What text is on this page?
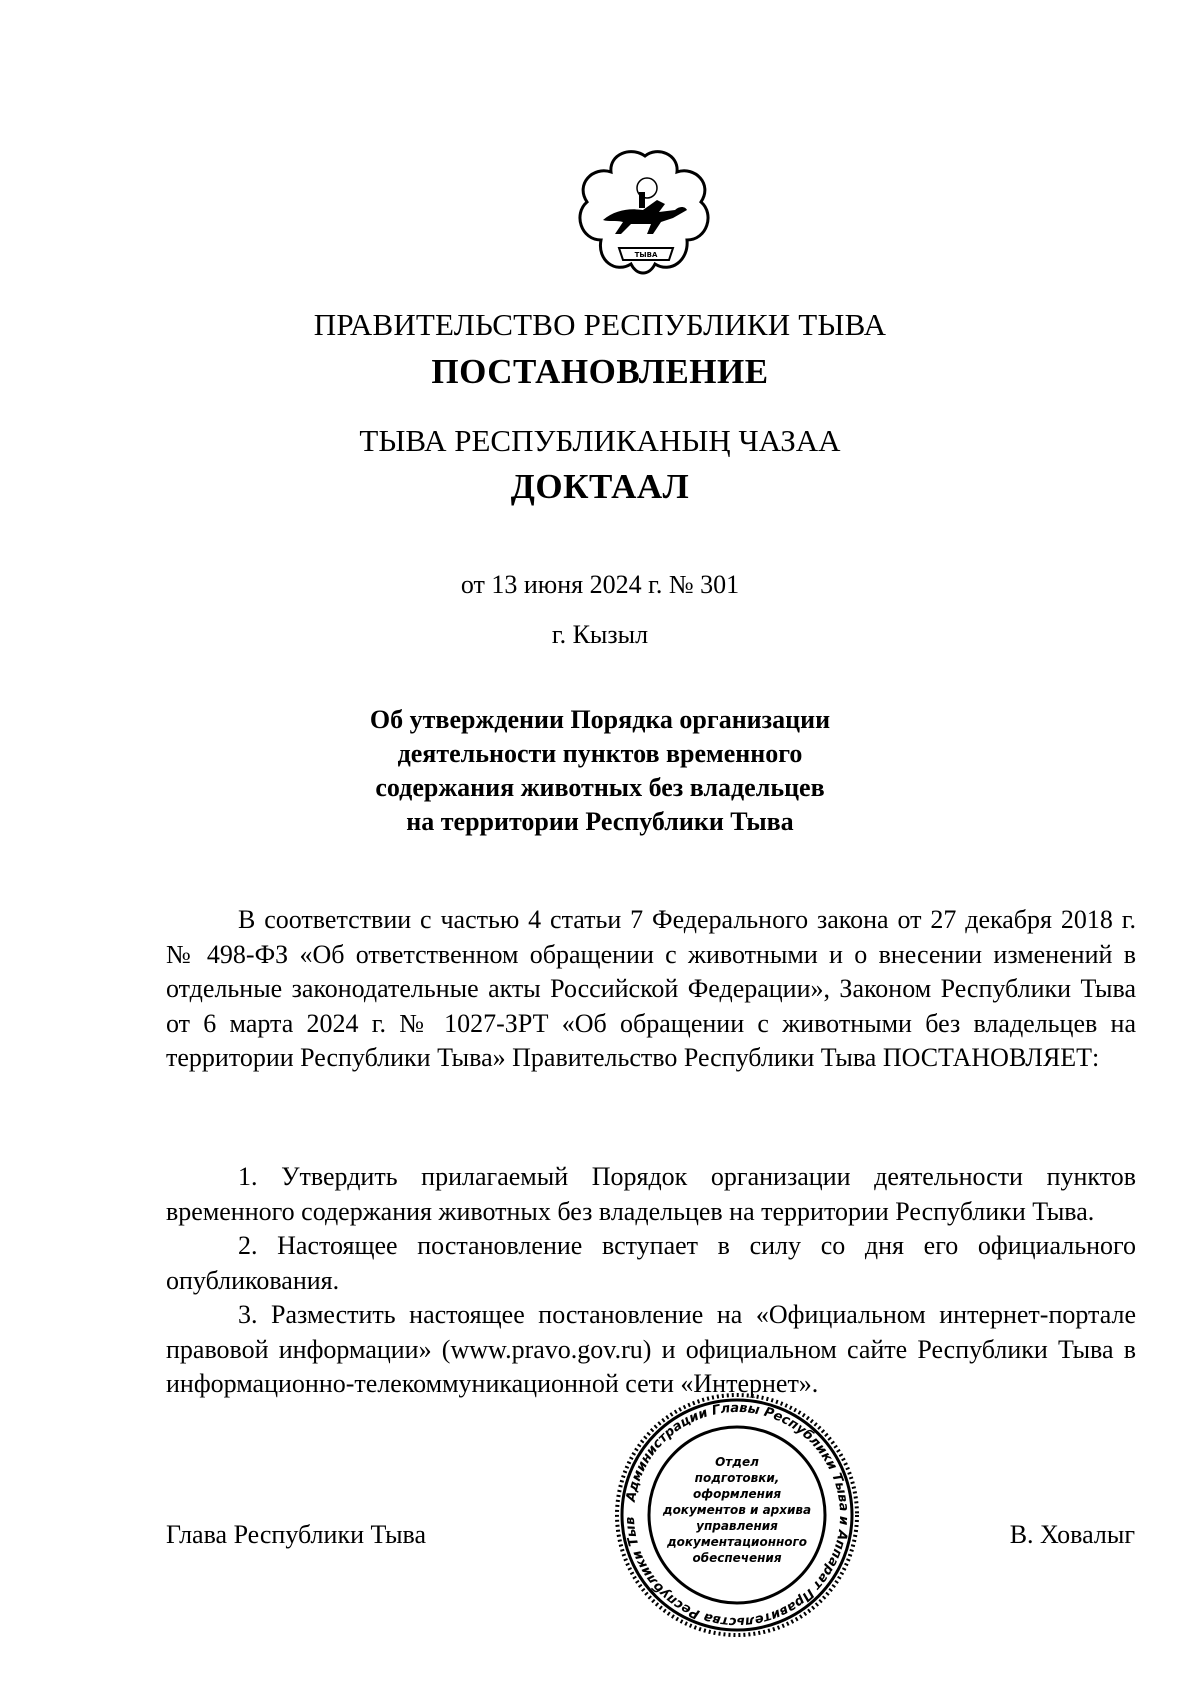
ТЫВА
ПРАВИТЕЛЬСТВО РЕСПУБЛИКИ ТЫВА
ПОСТАНОВЛЕНИЕ
ТЫВА РЕСПУБЛИКАНЫҢ ЧАЗАА
ДОКТААЛ
от 13 июня 2024 г. № 301
г. Кызыл
Об утверждении Порядка организации
деятельности пунктов временного
содержания животных без владельцев
на территории Республики Тыва

В соответствии с частью 4 статьи 7 Федерального закона от 27 декабря 2018 г. № 498-ФЗ «Об ответственном обращении с животными и о внесении изменений в отдельные законодательные акты Российской Федерации», Законом Республики Тыва от 6 марта 2024 г. № 1027-ЗРТ «Об обращении с животными без владельцев на территории Республики Тыва» Правительство Республики Тыва ПОСТАНОВЛЯЕТ:

1. Утвердить прилагаемый Порядок организации деятельности пунктов временного содержания животных без владельцев на территории Республики Тыва.

2. Настоящее постановление вступает в силу со дня его официального опубликования.

3. Разместить настоящее постановление на «Официальном интернет-портале правовой информации» (www.pravo.gov.ru) и официальном сайте Республики Тыва в информационно-телекоммуникационной сети «Интернет».

Администрации Главы Республики Тыва и Аппарат Правительства Республики Тыв
Отдел
подготовки,
оформления
документов и архива
управления
документационного
обеспечения
Глава Республики Тыва	В. Ховалыг
